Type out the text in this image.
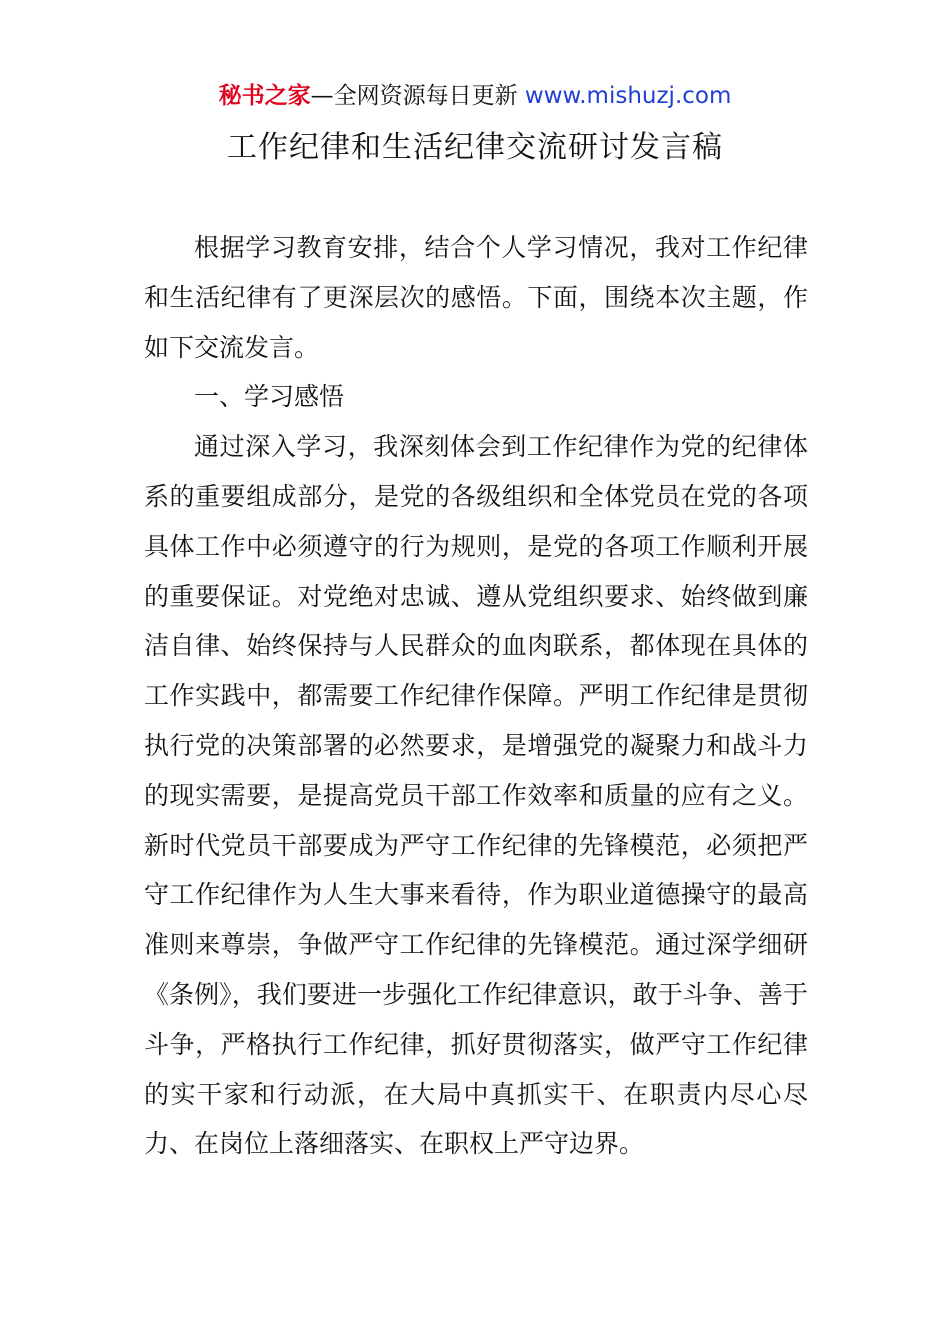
秘书之家—全网资源每日更新 www.mishuzj.com
工作纪律和生活纪律交流研讨发言稿

根据学习教育安排，结合个人学习情况，我对工作纪律和生活纪律有了更深层次的感悟。下面，围绕本次主题，作如下交流发言。

一、学习感悟

通过深入学习，我深刻体会到工作纪律作为党的纪律体系的重要组成部分，是党的各级组织和全体党员在党的各项具体工作中必须遵守的行为规则，是党的各项工作顺利开展的重要保证。对党绝对忠诚、遵从党组织要求、始终做到廉洁自律、始终保持与人民群众的血肉联系，都体现在具体的工作实践中，都需要工作纪律作保障。严明工作纪律是贯彻执行党的决策部署的必然要求，是增强党的凝聚力和战斗力的现实需要，是提高党员干部工作效率和质量的应有之义。新时代党员干部要成为严守工作纪律的先锋模范，必须把严守工作纪律作为人生大事来看待，作为职业道德操守的最高准则来尊崇，争做严守工作纪律的先锋模范。通过深学细研《条例》，我们要进一步强化工作纪律意识，敢于斗争、善于斗争，严格执行工作纪律，抓好贯彻落实，做严守工作纪律的实干家和行动派，在大局中真抓实干、在职责内尽心尽力、在岗位上落细落实、在职权上严守边界。
